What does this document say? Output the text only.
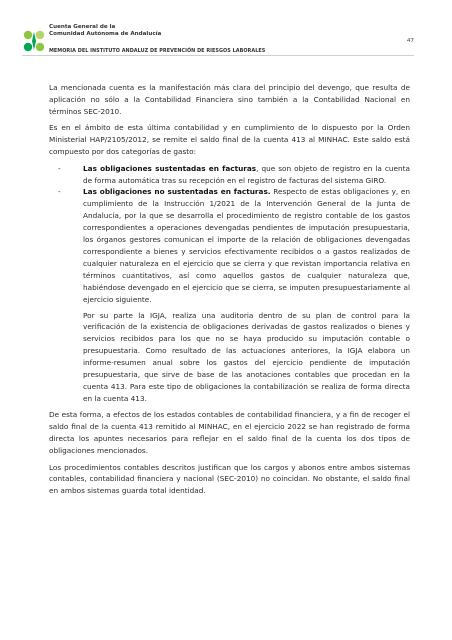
Cuenta General de la
Comunidad Autónoma de Andalucía
MEMORIA DEL INSTITUTO ANDALUZ DE PREVENCIÓN DE RIESGOS LABORALES
47

La mencionada cuenta es la manifestación más clara del principio del devengo, que resulta de aplicación no sólo a la Contabilidad Financiera sino también a la Contabilidad Nacional en términos SEC-2010.

Es en el ámbito de esta última contabilidad y en cumplimiento de lo dispuesto por la Orden Ministerial HAP/2105/2012, se remite el saldo final de la cuenta 413 al MINHAC. Este saldo está compuesto por dos categorías de gasto:

-	Las obligaciones sustentadas en facturas, que son objeto de registro en la cuenta de forma automática tras su recepción en el registro de facturas del sistema GIRO.
-	Las obligaciones no sustentadas en facturas. Respecto de estas obligaciones y, en cumplimiento de la Instrucción 1/2021 de la Intervención General de la Junta de Andalucía, por la que se desarrolla el procedimiento de registro contable de los gastos correspondientes a operaciones devengadas pendientes de imputación presupuestaria, los órganos gestores comunican el importe de la relación de obligaciones devengadas correspondiente a bienes y servicios efectivamente recibidos o a gastos realizados de cualquier naturaleza en el ejercicio que se cierra y que revistan importancia relativa en términos cuantitativos, así como aquellos gastos de cualquier naturaleza que, habiéndose devengado en el ejercicio que se cierra, se imputen presupuestariamente al ejercicio siguiente.

Por su parte la IGJA, realiza una auditoria dentro de su plan de control para la verificación de la existencia de obligaciones derivadas de gastos realizados o bienes y servicios recibidos para los que no se haya producido su imputación contable o presupuestaria. Como resultado de las actuaciones anteriores, la IGJA elabora un informe-resumen anual sobre los gastos del ejercicio pendiente de imputación presupuestaria, que sirve de base de las anotaciones contables que procedan en la cuenta 413. Para este tipo de obligaciones la contabilización se realiza de forma directa en la cuenta 413.

De esta forma, a efectos de los estados contables de contabilidad financiera, y a fin de recoger el saldo final de la cuenta 413 remitido al MINHAC, en el ejercicio 2022 se han registrado de forma directa los apuntes necesarios para reflejar en el saldo final de la cuenta los dos tipos de obligaciones mencionados.

Los procedimientos contables descritos justifican que los cargos y abonos entre ambos sistemas contables, contabilidad financiera y nacional (SEC-2010) no coincidan. No obstante, el saldo final en ambos sistemas guarda total identidad.
